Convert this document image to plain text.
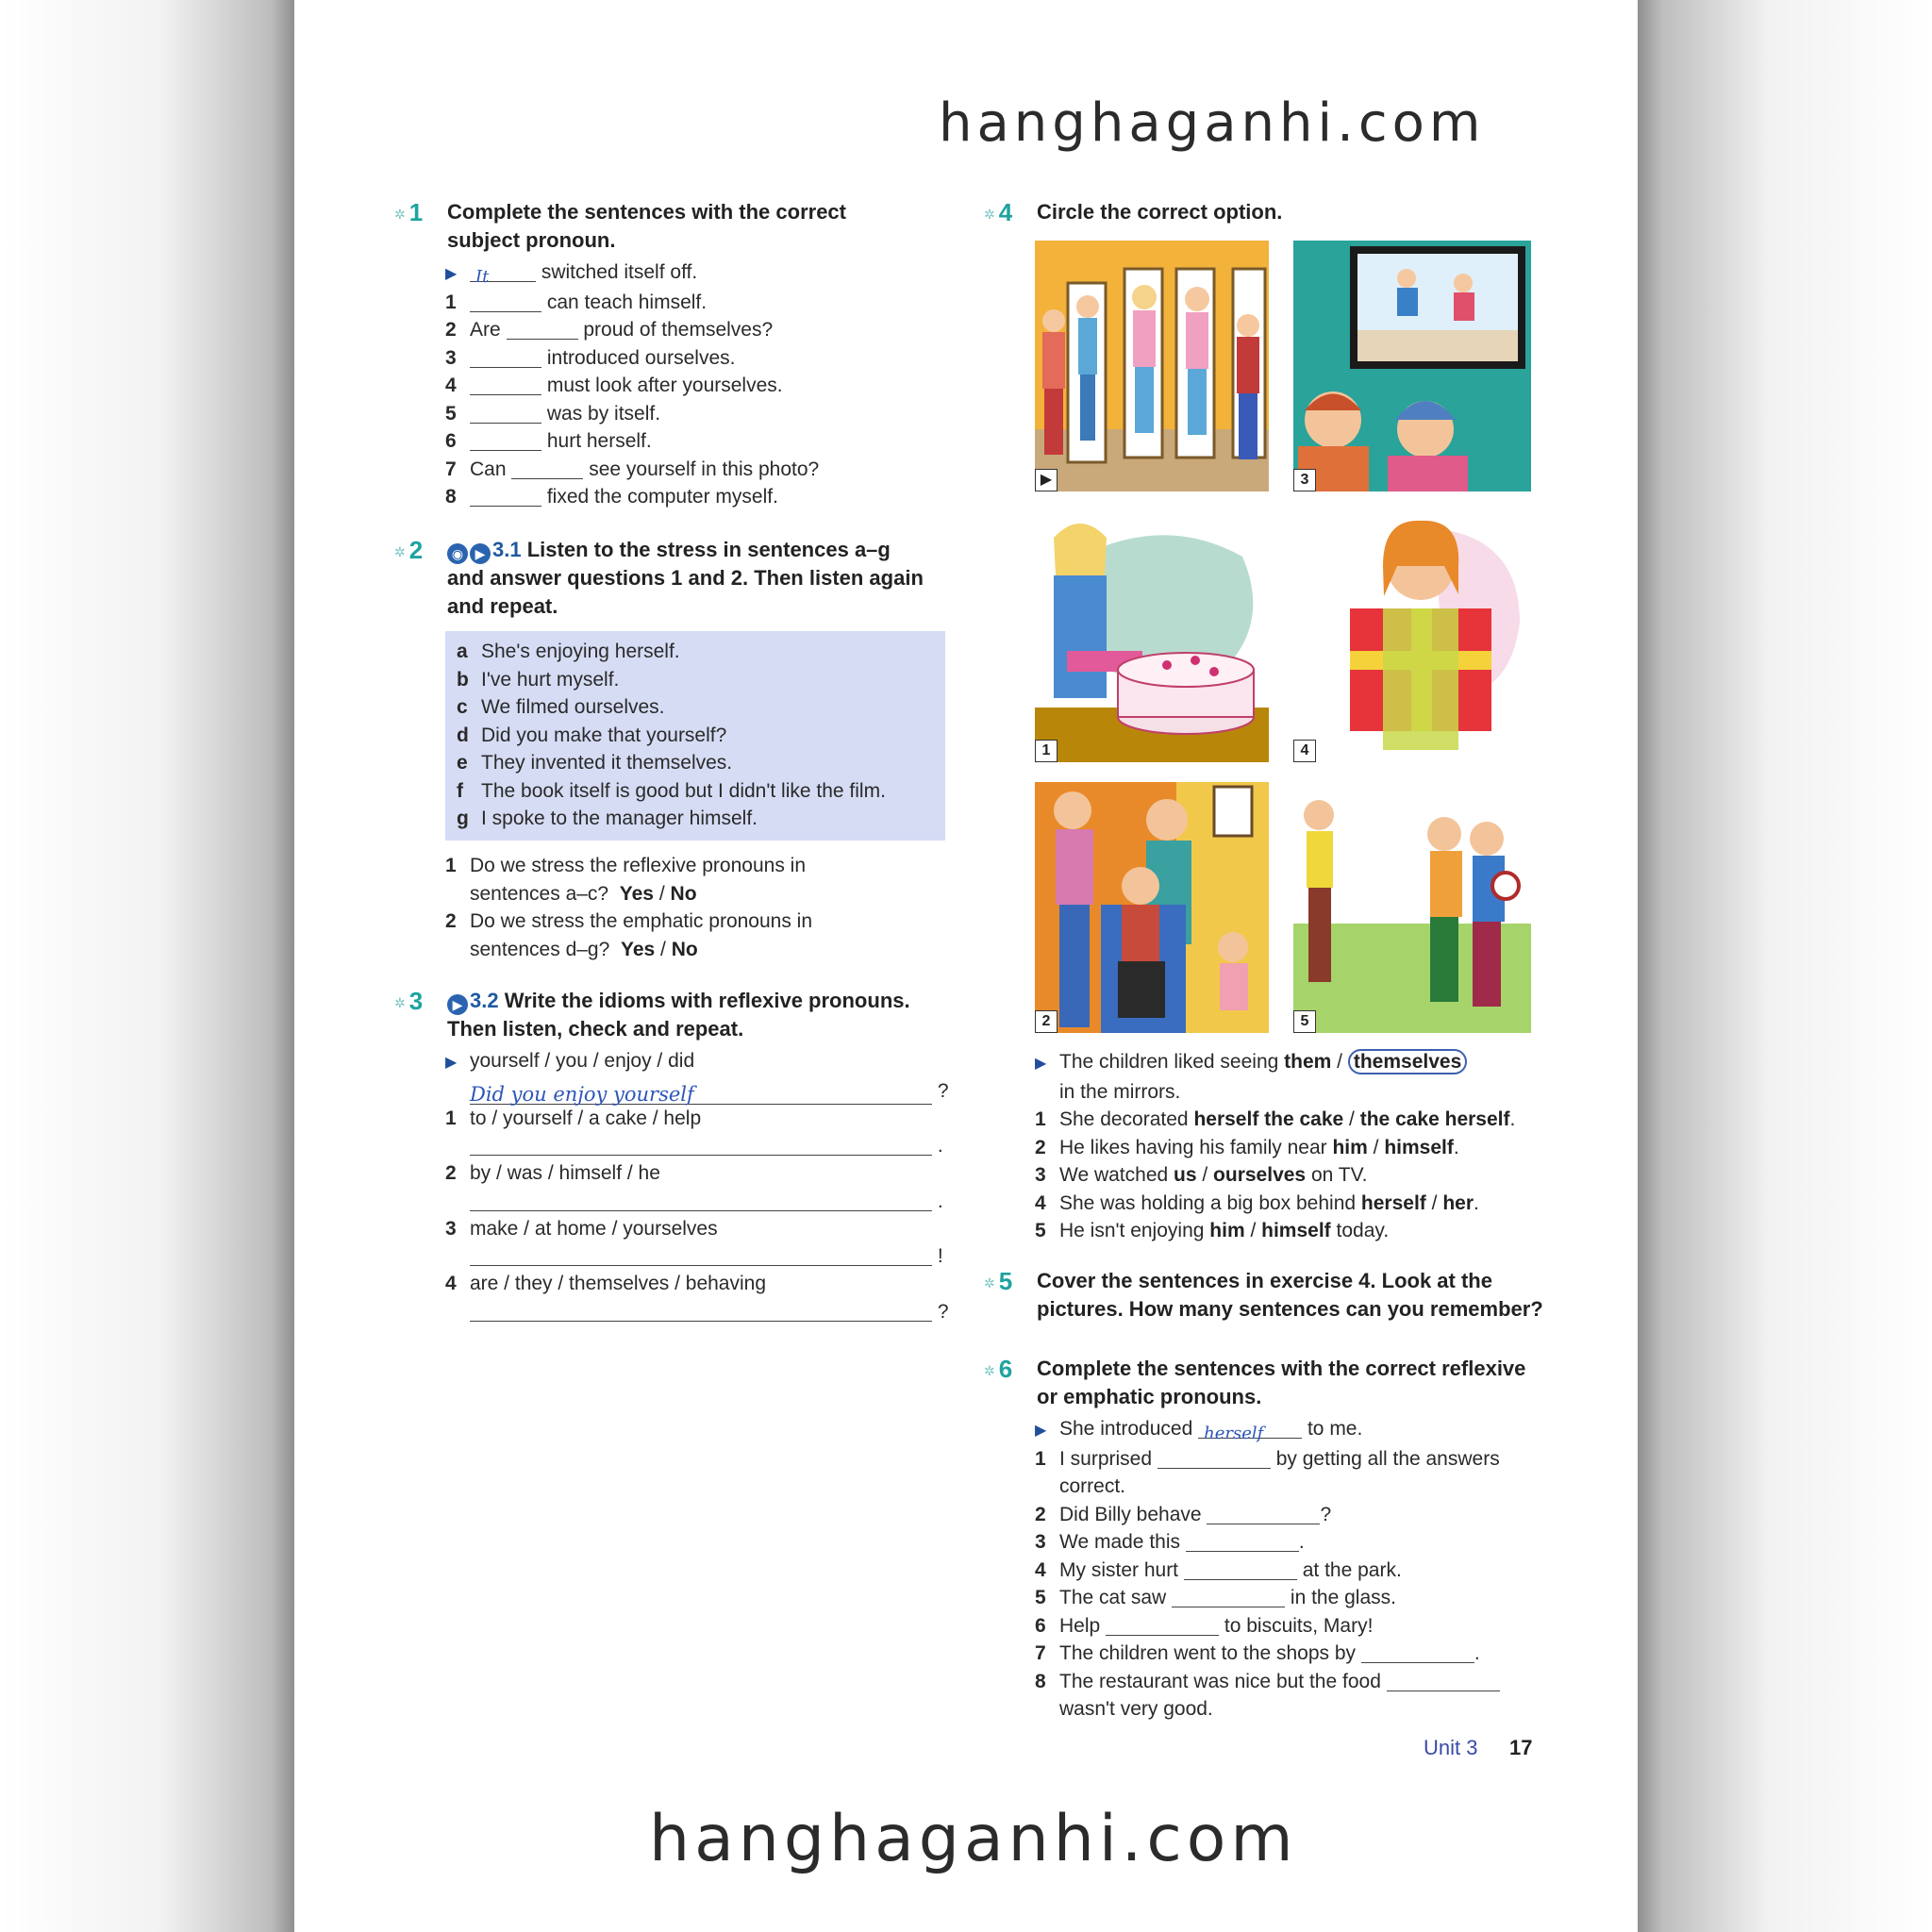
hanghaganhi.com
✲ 1 Complete the sentences with the correct
subject pronoun.
▶ It	switched itself off.
1	can teach himself.
2 Are	proud of themselves?
3	introduced ourselves.
4	must look after yourselves.
5	was by itself.
6	hurt herself.
7 Can	see yourself in this photo?
8	fixed the computer myself.
✲ 2	◉ ▶ 3.1 Listen to the stress in sentences a–g
and answer questions 1 and 2. Then listen again
and repeat.
a She's enjoying herself.
b I've hurt myself.
c We filmed ourselves.
d Did you make that yourself?
e They invented it themselves.
f The book itself is good but I didn't like the film.
g I spoke to the manager himself.
1 Do we stress the reflexive pronouns in
sentences a–c? Yes / No
2 Do we stress the emphatic pronouns in
sentences d–g? Yes / No
✲ 3	▶ 3.2 Write the idioms with reflexive pronouns.
Then listen, check and repeat.
▶ yourself / you / enjoy / did
Did you enjoy yourself	?
1 to / yourself / a cake / help
.
2 by / was / himself / he
.
3 make / at home / yourselves
!
4 are / they / themselves / behaving
?
✲ 4 Circle the correct option.
▶	3
1	4
2	5
▶ The children liked seeing them / themselves
in the mirrors.
1 She decorated herself the cake / the cake herself.
2 He likes having his family near him / himself.
3 We watched us / ourselves on TV.
4 She was holding a big box behind herself / her.
5 He isn't enjoying him / himself today.
✲ 5 Cover the sentences in exercise 4. Look at the
pictures. How many sentences can you remember?
✲ 6 Complete the sentences with the correct reflexive
or emphatic pronouns.
▶ She introduced herself to me.
1 I surprised	by getting all the answers
correct.
2 Did Billy behave	?
3 We made this	.
4 My sister hurt	at the park.
5 The cat saw	in the glass.
6 Help	to biscuits, Mary!
7 The children went to the shops by	.
8 The restaurant was nice but the food
wasn't very good.
Unit 3 17
hanghaganhi.com
